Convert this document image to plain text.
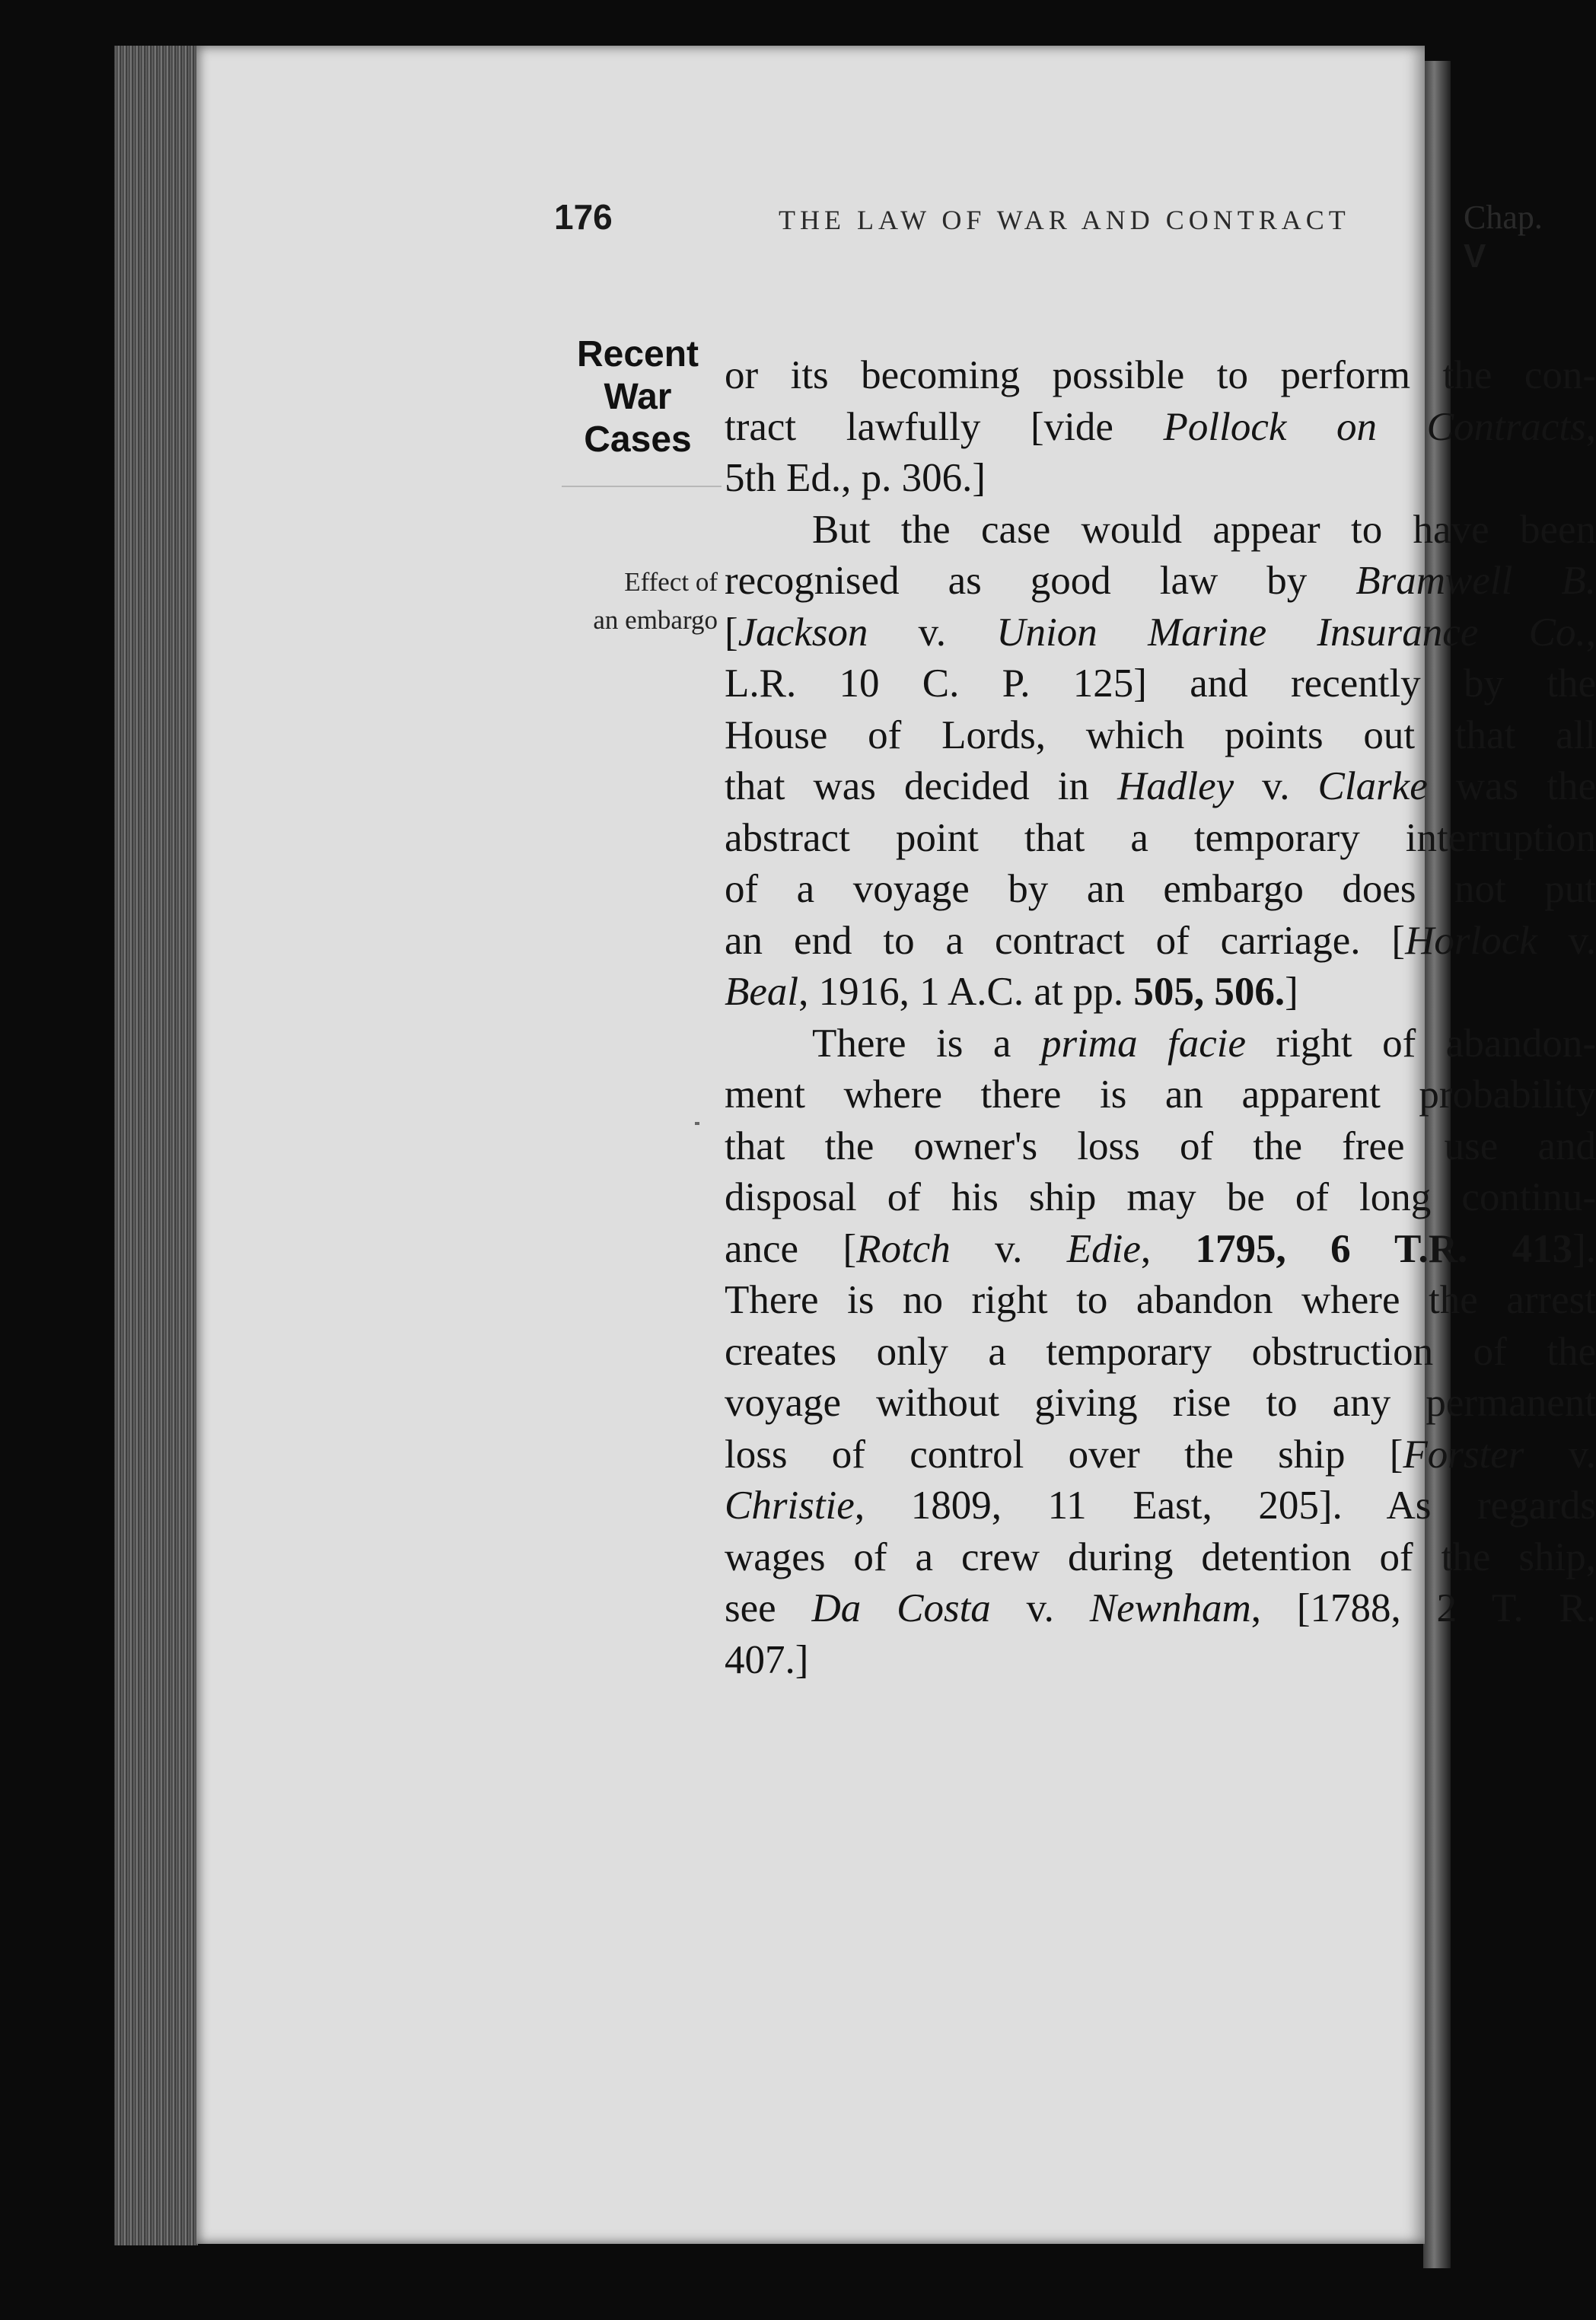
176	THE LAW OF WAR AND CONTRACT	Chap. V
Recent
War
Cases
Effect of
an embargo
or its becoming possible to perform the con-
tract lawfully [vide Pollock on Contracts,
5th Ed., p. 306.]
But the case would appear to have been
recognised as good law by Bramwell B.
[Jackson v. Union Marine Insurance Co.,
L.R. 10 C. P. 125] and recently by the
House of Lords, which points out that all
that was decided in Hadley v. Clarke was the
abstract point that a temporary interruption
of a voyage by an embargo does not put
an end to a contract of carriage. [Horlock v.
Beal, 1916, 1 A.C. at pp. 505, 506.]
There is a prima facie right of abandon-
ment where there is an apparent probability
that the owner's loss of the free use and
disposal of his ship may be of long continu-
ance [Rotch v. Edie, 1795, 6 T.R. 413].
There is no right to abandon where the arrest
creates only a temporary obstruction of the
voyage without giving rise to any permanent
loss of control over the ship [Forster v.
Christie, 1809, 11 East, 205]. As regards
wages of a crew during detention of the ship,
see Da Costa v. Newnham, [1788, 2 T. R.
407.]
